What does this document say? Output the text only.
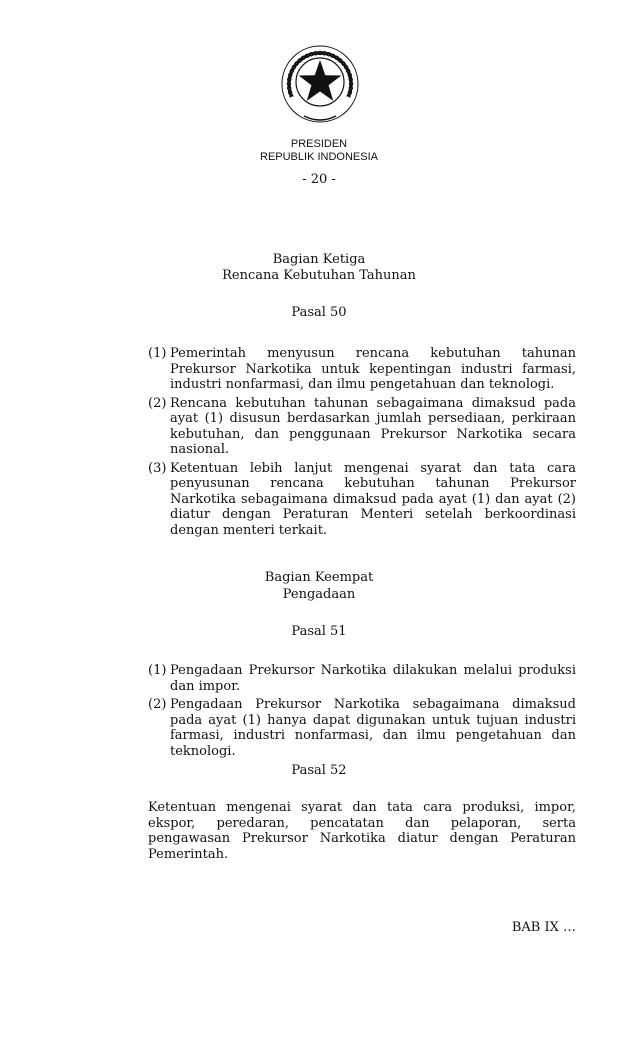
PRESIDEN
REPUBLIK INDONESIA
- 20 -
Bagian Ketiga
Rencana Kebutuhan Tahunan
Pasal 50
(1) Pemerintah menyusun rencana kebutuhan tahunan Prekursor Narkotika untuk kepentingan industri farmasi, industri nonfarmasi, dan ilmu pengetahuan dan teknologi.
(2) Rencana kebutuhan tahunan sebagaimana dimaksud pada ayat (1) disusun berdasarkan jumlah persediaan, perkiraan kebutuhan, dan penggunaan Prekursor Narkotika secara nasional.
(3) Ketentuan lebih lanjut mengenai syarat dan tata cara penyusunan rencana kebutuhan tahunan Prekursor Narkotika sebagaimana dimaksud pada ayat (1) dan ayat (2) diatur dengan Peraturan Menteri setelah berkoordinasi dengan menteri terkait.
Bagian Keempat
Pengadaan
Pasal 51
(1) Pengadaan Prekursor Narkotika dilakukan melalui produksi dan impor.
(2) Pengadaan Prekursor Narkotika sebagaimana dimaksud pada ayat (1) hanya dapat digunakan untuk tujuan industri farmasi, industri nonfarmasi, dan ilmu pengetahuan dan teknologi.
Pasal 52
Ketentuan mengenai syarat dan tata cara produksi, impor, ekspor, peredaran, pencatatan dan pelaporan, serta pengawasan Prekursor Narkotika diatur dengan Peraturan Pemerintah.
BAB IX …
